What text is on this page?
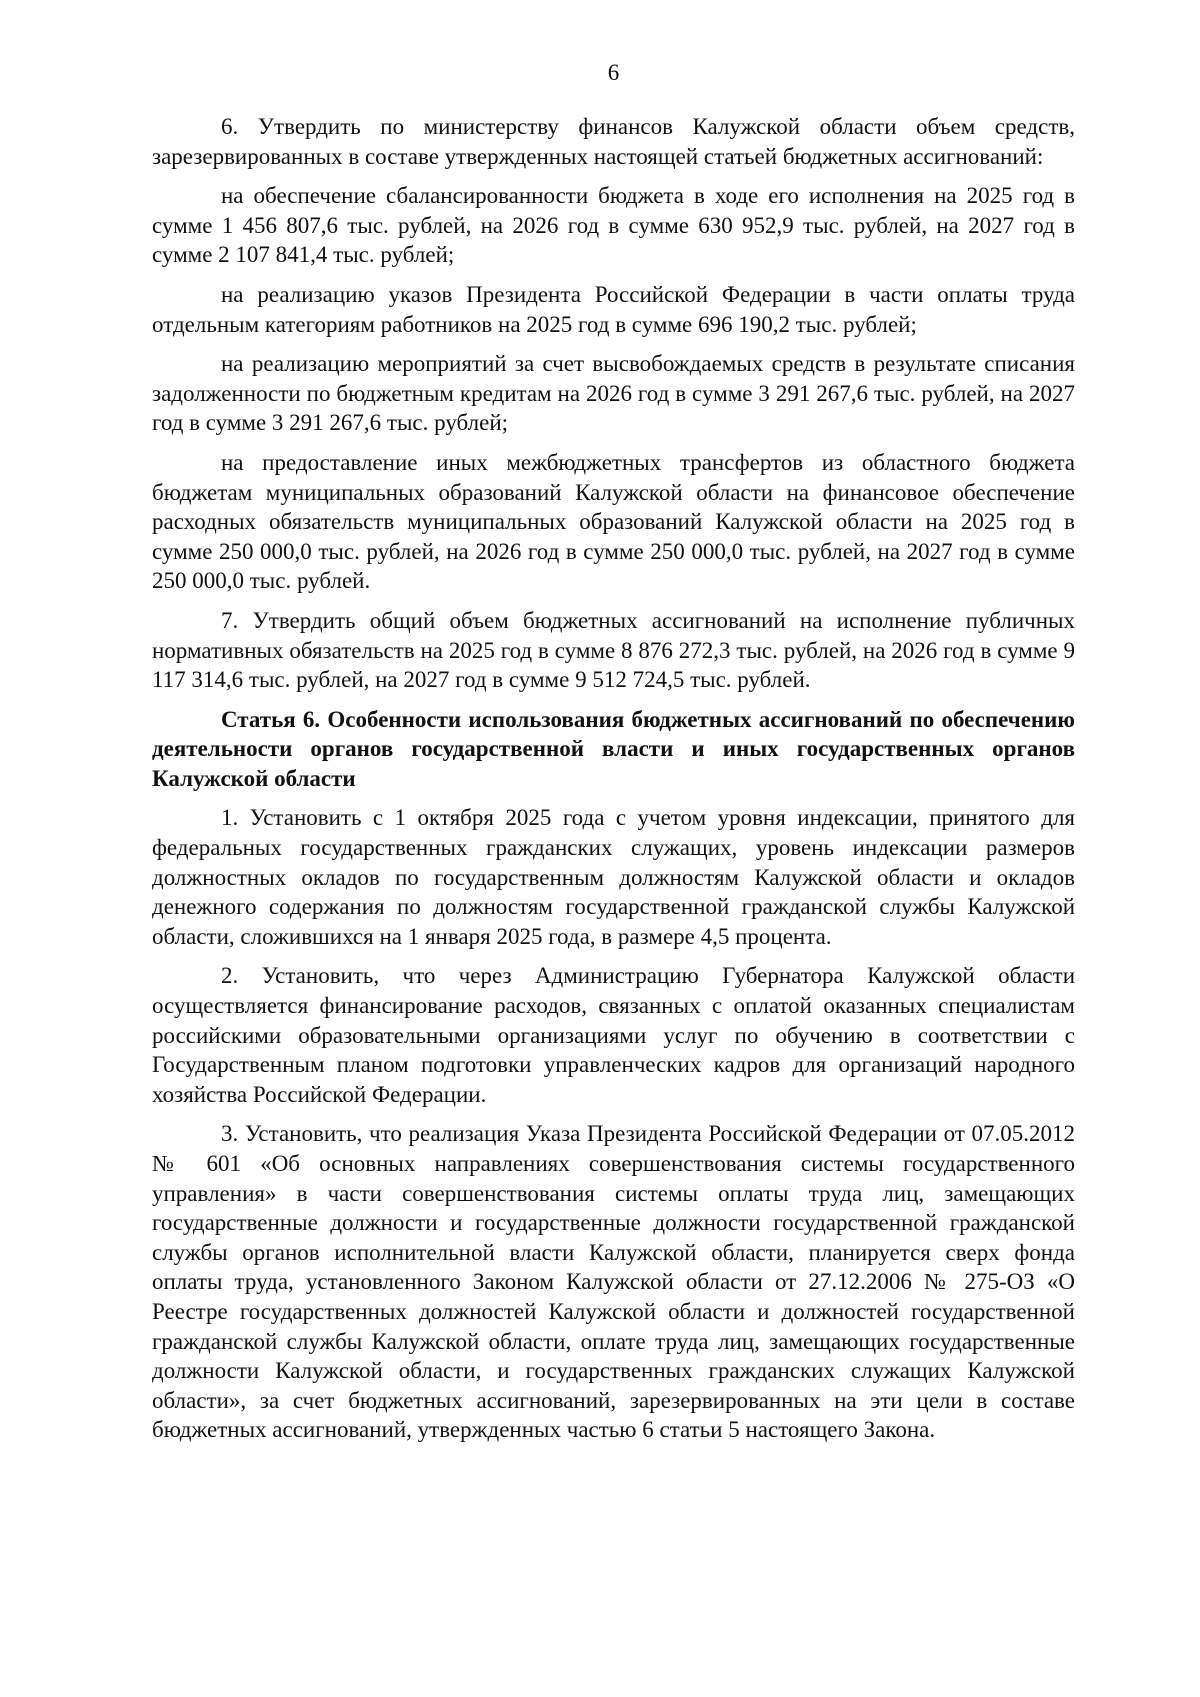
6

6. Утвердить по министерству финансов Калужской области объем средств, зарезервированных в составе утвержденных настоящей статьей бюджетных ассигнований:

на обеспечение сбалансированности бюджета в ходе его исполнения на 2025 год в сумме 1 456 807,6 тыс. рублей, на 2026 год в сумме 630 952,9 тыс. рублей, на 2027 год в сумме 2 107 841,4 тыс. рублей;

на реализацию указов Президента Российской Федерации в части оплаты труда отдельным категориям работников на 2025 год в сумме 696 190,2 тыс. рублей;

на реализацию мероприятий за счет высвобождаемых средств в результате списания задолженности по бюджетным кредитам на 2026 год в сумме 3 291 267,6 тыс. рублей, на 2027 год в сумме 3 291 267,6 тыс. рублей;

на предоставление иных межбюджетных трансфертов из областного бюджета бюджетам муниципальных образований Калужской области на финансовое обеспечение расходных обязательств муниципальных образований Калужской области на 2025 год в сумме 250 000,0 тыс. рублей, на 2026 год в сумме 250 000,0 тыс. рублей, на 2027 год в сумме 250 000,0 тыс. рублей.

7. Утвердить общий объем бюджетных ассигнований на исполнение публичных нормативных обязательств на 2025 год в сумме 8 876 272,3 тыс. рублей, на 2026 год в сумме 9 117 314,6 тыс. рублей, на 2027 год в сумме 9 512 724,5 тыс. рублей.

Статья 6. Особенности использования бюджетных ассигнований по обеспечению деятельности органов государственной власти и иных государственных органов Калужской области

1. Установить с 1 октября 2025 года с учетом уровня индексации, принятого для федеральных государственных гражданских служащих, уровень индексации размеров должностных окладов по государственным должностям Калужской области и окладов денежного содержания по должностям государственной гражданской службы Калужской области, сложившихся на 1 января 2025 года, в размере 4,5 процента.

2. Установить, что через Администрацию Губернатора Калужской области осуществляется финансирование расходов, связанных с оплатой оказанных специалистам российскими образовательными организациями услуг по обучению в соответствии с Государственным планом подготовки управленческих кадров для организаций народного хозяйства Российской Федерации.

3. Установить, что реализация Указа Президента Российской Федерации от 07.05.2012 № 601 «Об основных направлениях совершенствования системы государственного управления» в части совершенствования системы оплаты труда лиц, замещающих государственные должности и государственные должности государственной гражданской службы органов исполнительной власти Калужской области, планируется сверх фонда оплаты труда, установленного Законом Калужской области от 27.12.2006 № 275-ОЗ «О Реестре государственных должностей Калужской области и должностей государственной гражданской службы Калужской области, оплате труда лиц, замещающих государственные должности Калужской области, и государственных гражданских служащих Калужской области», за счет бюджетных ассигнований, зарезервированных на эти цели в составе бюджетных ассигнований, утвержденных частью 6 статьи 5 настоящего Закона.
